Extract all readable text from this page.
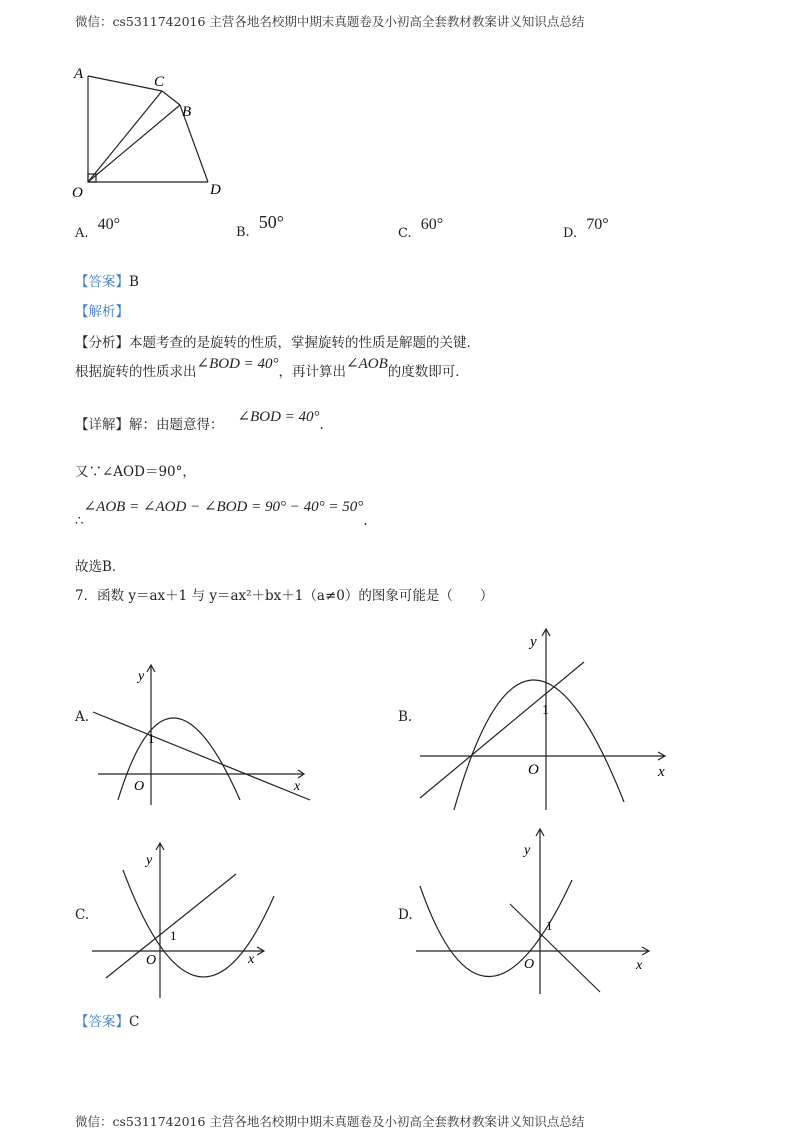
微信：cs5311742016 主营各地名校期中期末真题卷及小初高全套教材教案讲义知识点总结
A	C
B
O	D
A. 40°	B. 50°
C. 60°
D. 70°
【答案】B
【解析】
【分析】本题考查的是旋转的性质，掌握旋转的性质是解题的关键．
根据旋转的性质求出∠BOD = 40°，再计算出∠AOB的度数即可．
【详解】解：由题意得： ∠BOD = 40°.
又∵∠AOD＝90°，
∴∠AOB = ∠AOD − ∠BOD = 90° − 40° = 50°.
故选B．
7．函数 y＝ax＋1 与 y＝ax²＋bx＋1（a≠0）的图象可能是（　　）
A.
y
x
O
1
B.
y
x
O
1
C.
y
x
O
1
D.
y
x
O
1
【答案】C
微信：cs5311742016 主营各地名校期中期末真题卷及小初高全套教材教案讲义知识点总结
